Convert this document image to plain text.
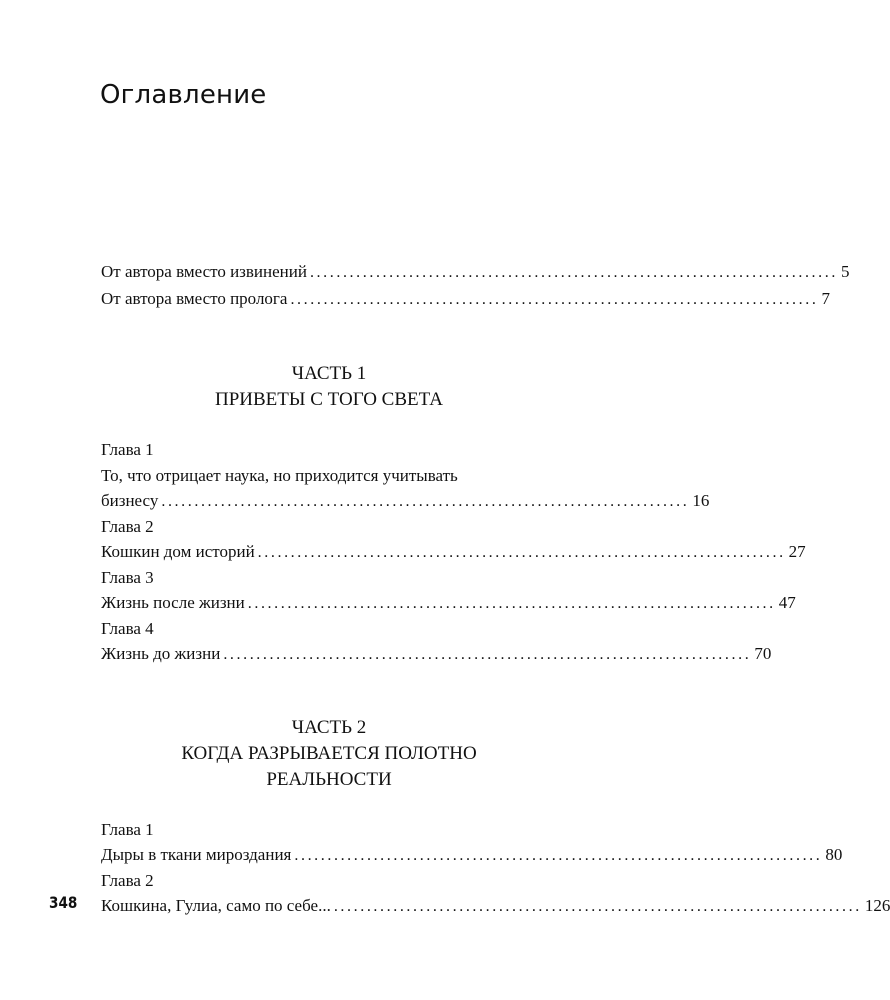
Оглавление
От автора вместо извинений ................................................................................ 5
От автора вместо пролога ................................................................................ 7
ЧАСТЬ 1
ПРИВЕТЫ С ТОГО СВЕТА
Глава 1
То, что отрицает наука, но приходится учитывать
бизнесу ................................................................................ 16
Глава 2
Кошкин дом историй ................................................................................ 27
Глава 3
Жизнь после жизни ................................................................................ 47
Глава 4
Жизнь до жизни ................................................................................ 70
ЧАСТЬ 2
КОГДА РАЗРЫВАЕТСЯ ПОЛОТНО
РЕАЛЬНОСТИ
Глава 1
Дыры в ткани мироздания ................................................................................ 80
Глава 2
Кошкина, Гулиа, само по себе... ................................................................................ 126
348
